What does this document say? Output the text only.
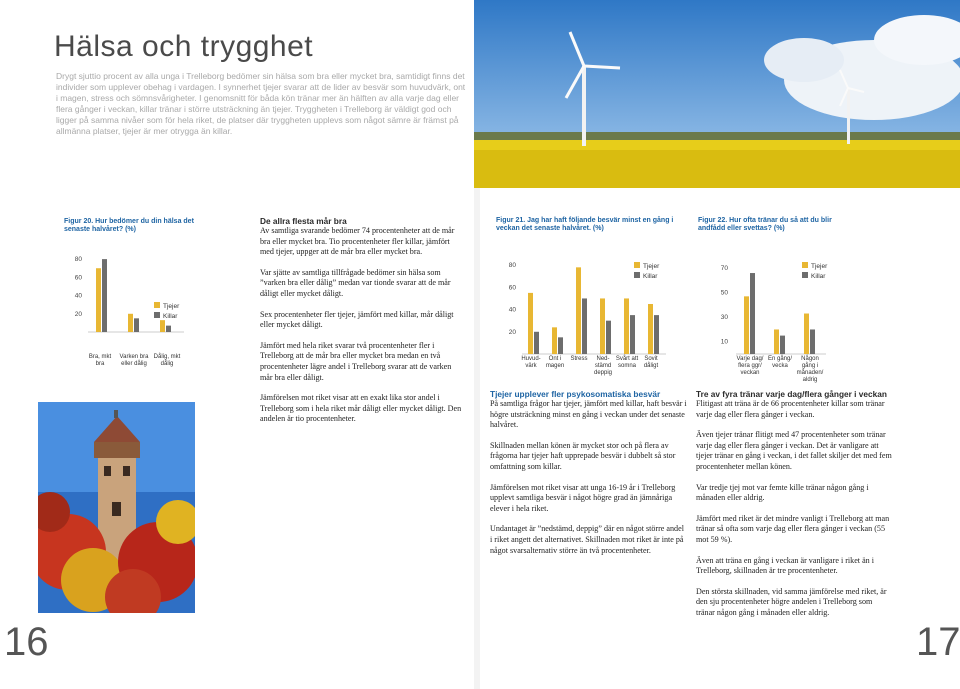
Hälsa och trygghet

Drygt sjuttio procent av alla unga i Trelleborg bedömer sin hälsa som bra eller mycket bra, samtidigt finns det individer som upplever obehag i vardagen. I synnerhet tjejer svarar att de lider av besvär som huvudvärk, ont i magen, stress och sömnsvårigheter. I genomsnitt för båda kön tränar mer än hälften av alla varje dag eller flera gånger i veckan, killar tränar i större utsträckning än tjejer. Tryggheten i Trelleborg är väldigt god och ligger på samma nivåer som för hela riket, de platser där tryggheten upplevs som något sämre är främst på allmänna platser, tjejer är mer otrygga än killar.

Figur 20. Hur bedömer du din hälsa det senaste halvåret? (%)

80
60
40
20
Tjejer
Killar
Bra, mkt bra
Varken bra eller dålig
Dålig, mkt dålig
De allra flesta mår bra

Av samtliga svarande bedömer 74 procentenheter att de mår bra eller mycket bra. Tio procentenheter fler killar, jämfört med tjejer, uppger att de mår bra eller mycket bra.

Var sjätte av samtliga tillfrågade bedömer sin hälsa som ”varken bra eller dålig” medan var tionde svarar att de mår dåligt eller mycket dåligt.

Sex procentenheter fler tjejer, jämfört med killar, mår dåligt eller mycket dåligt.

Jämfört med hela riket svarar två procentenheter fler i Trelleborg att de mår bra eller mycket bra medan en två procentenheter lägre andel i Trelleborg svarar att de varken mår bra eller dåligt.

Jämförelsen mot riket visar att en exakt lika stor andel i Trelleborg som i hela riket mår dåligt eller mycket dåligt. Den andelen är tio procentenheter.

16

Figur 21. Jag har haft följande besvär minst en gång i veckan det senaste halvåret. (%)

80
60
40
20
Tjejer
Killar
Huvud-värk
Ont i magen
Stress	Ned-stämd deppig
Svårt att somna
Sovit dåligt

Figur 22. Hur ofta tränar du så att du blir andfådd eller svettas? (%)

70
50
30
10
Tjejer
Killar
Varje dag/ flera ggr/ veckan
En gång/ vecka
Någon gång i månaden/ aldrig
Tjejer upplever fler psykosomatiska besvär

På samtliga frågor har tjejer, jämfört med killar, haft besvär i högre utsträckning minst en gång i veckan under det senaste halvåret.

Skillnaden mellan könen är mycket stor och på flera av frågorna har tjejer haft upprepade besvär i dubbelt så stor omfattning som killar.

Jämförelsen mot riket visar att unga 16-19 år i Trelleborg upplevt samtliga besvär i något högre grad än jämnåriga elever i hela riket.

Undantaget är ”nedstämd, deppig” där en något större andel i riket angett det alternativet. Skillnaden mot riket är inte på något svarsalternativ större än två procentenheter.

Tre av fyra tränar varje dag/flera gånger i veckan

Flitigast att träna är de 66 procentenheter killar som tränar varje dag eller flera gånger i veckan.

Även tjejer tränar flitigt med 47 procentenheter som tränar varje dag eller flera gånger i veckan. Det är vanligare att tjejer tränar en gång i veckan, i det fallet skiljer det med fem procentenheter mellan könen.

Var tredje tjej mot var femte kille tränar någon gång i månaden eller aldrig.

Jämfört med riket är det mindre vanligt i Trelleborg att man tränar så ofta som varje dag eller flera gånger i veckan (55 mot 59 %).

Även att träna en gång i veckan är vanligare i riket än i Trelleborg, skillnaden är tre procentenheter.

Den största skillnaden, vid samma jämförelse med riket, är den sju procentenheter högre andelen i Trelleborg som tränar någon gång i månaden eller aldrig.

17
